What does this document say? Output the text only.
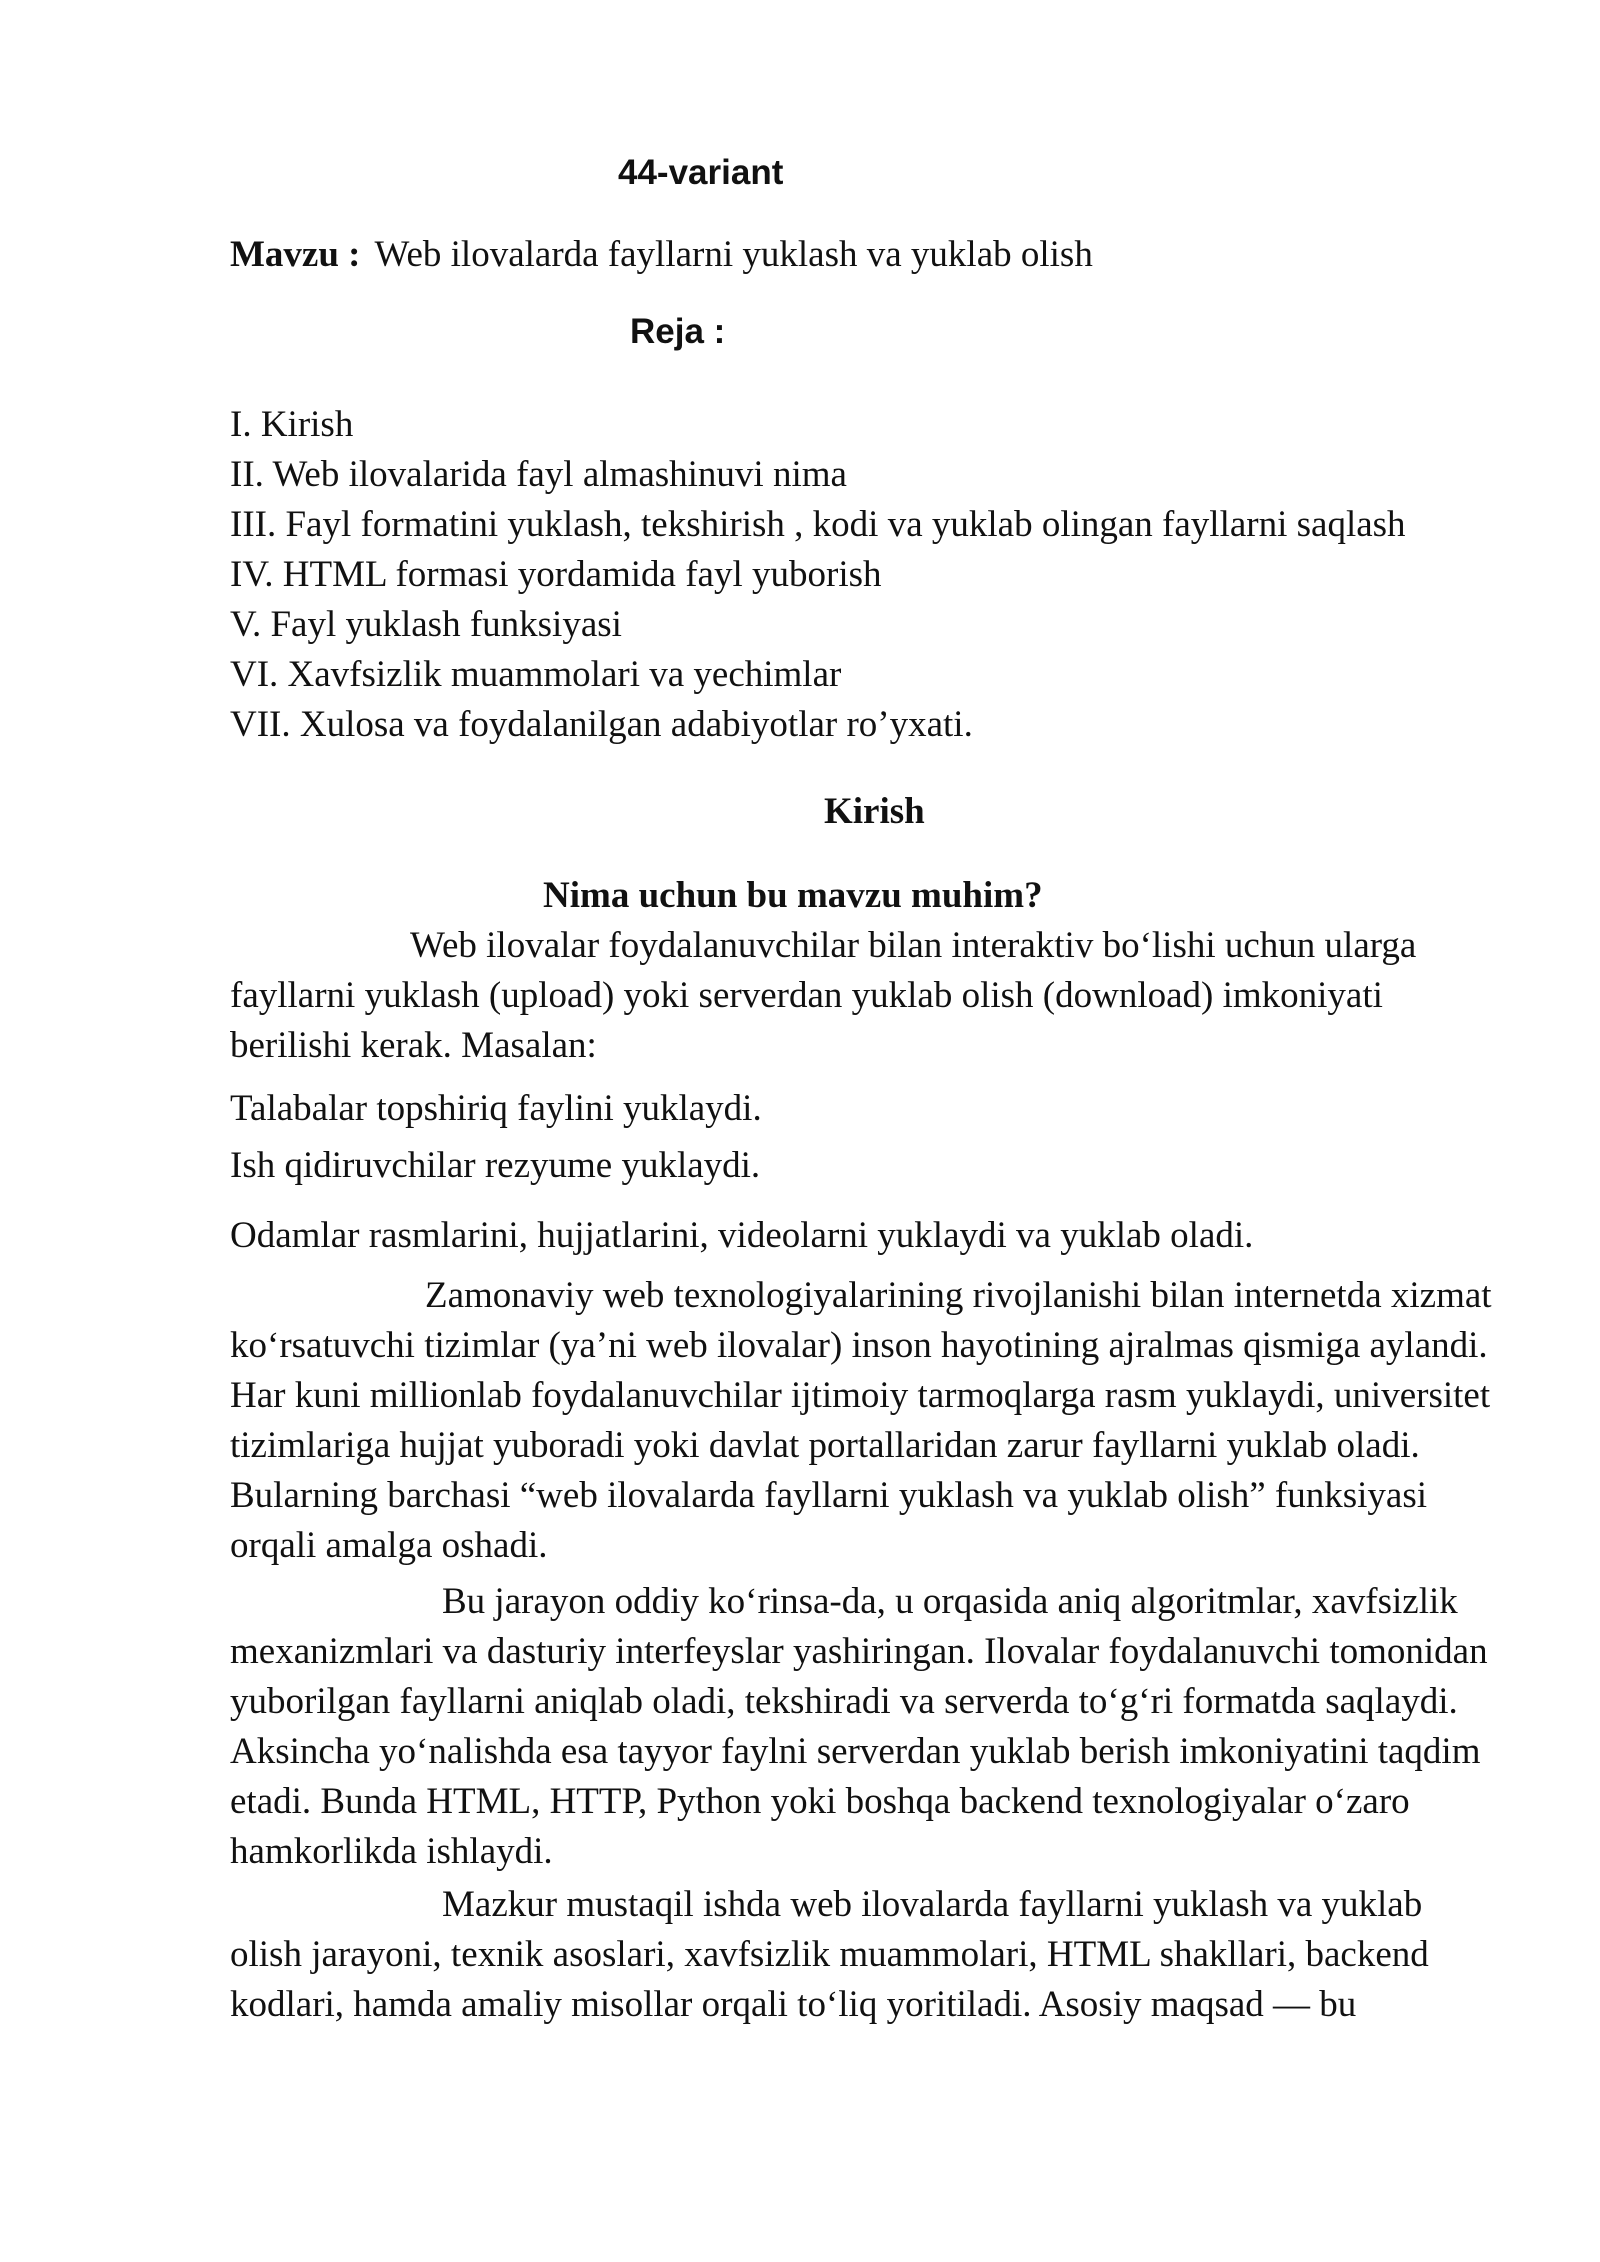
44-variant
Mavzu : Web ilovalarda fayllarni yuklash va yuklab olish
Reja :
I. Kirish
II. Web ilovalarida fayl almashinuvi nima
III. Fayl formatini yuklash, tekshirish , kodi va yuklab olingan fayllarni saqlash
IV. HTML formasi yordamida fayl yuborish
V. Fayl yuklash funksiyasi
VI. Xavfsizlik muammolari va yechimlar
VII. Xulosa va foydalanilgan adabiyotlar ro’yxati.
Kirish
Nima uchun bu mavzu muhim?

Web ilovalar foydalanuvchilar bilan interaktiv bo‘lishi uchun ularga fayllarni yuklash (upload) yoki serverdan yuklab olish (download) imkoniyati berilishi kerak. Masalan:

Talabalar topshiriq faylini yuklaydi.

Ish qidiruvchilar rezyume yuklaydi.

Odamlar rasmlarini, hujjatlarini, videolarni yuklaydi va yuklab oladi.

Zamonaviy web texnologiyalarining rivojlanishi bilan internetda xizmat ko‘rsatuvchi tizimlar (ya’ni web ilovalar) inson hayotining ajralmas qismiga aylandi. Har kuni millionlab foydalanuvchilar ijtimoiy tarmoqlarga rasm yuklaydi, universitet tizimlariga hujjat yuboradi yoki davlat portallaridan zarur fayllarni yuklab oladi. Bularning barchasi “web ilovalarda fayllarni yuklash va yuklab olish” funksiyasi orqali amalga oshadi.

Bu jarayon oddiy ko‘rinsa-da, u orqasida aniq algoritmlar, xavfsizlik mexanizmlari va dasturiy interfeyslar yashiringan. Ilovalar foydalanuvchi tomonidan yuborilgan fayllarni aniqlab oladi, tekshiradi va serverda to‘g‘ri formatda saqlaydi. Aksincha yo‘nalishda esa tayyor faylni serverdan yuklab berish imkoniyatini taqdim etadi. Bunda HTML, HTTP, Python yoki boshqa backend texnologiyalar o‘zaro hamkorlikda ishlaydi.

Mazkur mustaqil ishda web ilovalarda fayllarni yuklash va yuklab olish jarayoni, texnik asoslari, xavfsizlik muammolari, HTML shakllari, backend kodlari, hamda amaliy misollar orqali to‘liq yoritiladi. Asosiy maqsad — bu
